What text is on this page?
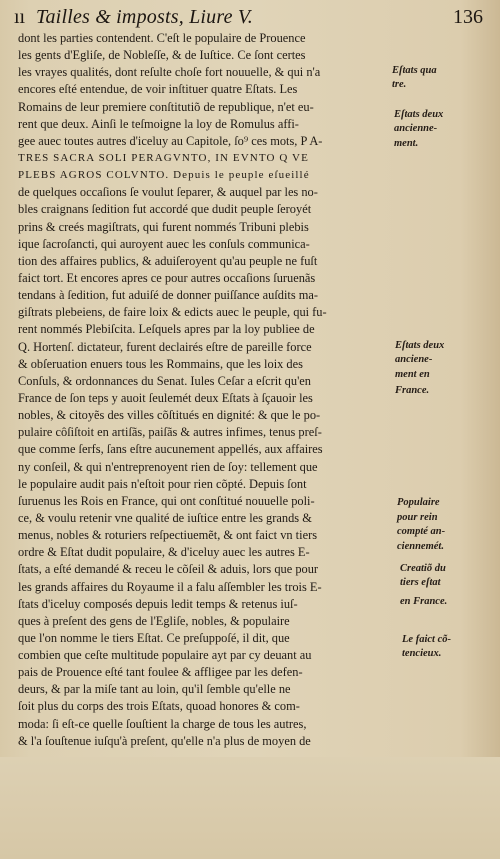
ıı Tailles & imposts, Liure V.	136
dont les parties contendent. C'eſt le populaire de Prouence
les gents d'Egliſe, de Nobleſſe, & de Iuſtice. Ce ſont certes
les vrayes qualités, dont reſulte choſe fort nouuelle, & qui n'a
encores eſté entendue, de voir inſtituer quatre Eſtats. Les
Romains de leur premiere conſtitutiõ de republique, n'et eu-
rent que deux. Ainſi le teſmoigne la loy de Romulus affi-
gee auec toutes autres d'iceluy au Capitole, ſo⁹ ces mots, P A-
TRES SACRA SOLI PERAGVNTO, IN EVNTO Q VE
PLEBS AGROS COLVNTO. Depuis le peuple eſueillé
de quelques occaſions ſe voulut ſeparer, & auquel par les no-
bles craignans ſedition fut accordé que dudit peuple ſeroyét
prins & creés magiſtrats, qui furent nommés Tribuni plebis
ique ſacroſancti, qui auroyent auec les conſuls communica-
tion des affaires publics, & aduiſeroyent qu'au peuple ne fuſt
faict tort. Et encores apres ce pour autres occaſions ſuruenãs
tendans à ſedition, fut aduiſé de donner puiſſance auſdits ma-
giſtrats plebeiens, de faire loix & edicts auec le peuple, qui fu-
rent nommés Plebiſcita. Leſquels apres par la loy publiee de
Q. Hortenſ. dictateur, furent declairés eſtre de pareille force
& obſeruation enuers tous les Rommains, que les loix des
Conſuls, & ordonnances du Senat. Iules Ceſar a eſcrit qu'en
France de ſon teps y auoit ſeulemét deux Eſtats à ſçauoir les
nobles, & citoyẽs des villes cõſtitués en dignité: & que le po-
pulaire côſiſtoit en artiſãs, paiſãs & autres infimes, tenus preſ-
que comme ſerfs, ſans eſtre aucunement appellés, aux affaires
ny conſeil, & qui n'entreprenoyent rien de ſoy: tellement que
le populaire audit pais n'eſtoit pour rien cõpté. Depuis ſont
ſuruenus les Rois en France, qui ont conſtitué nouuelle poli-
ce, & voulu retenir vne qualité de iuſtice entre les grands &
menus, nobles & roturiers reſpectiuemẽt, & ont faict vn tiers
ordre & Eſtat dudit populaire, & d'iceluy auec les autres E-
ſtats, a eſté demandé & receu le cõſeil & aduis, lors que pour
les grands affaires du Royaume il a falu aſſembler les trois E-
ſtats d'iceluy composés depuis ledit temps & retenus iuſ-
ques à preſent des gens de l'Egliſe, nobles, & populaire
que l'on nomme le tiers Eſtat. Ce preſuppoſé, il dit, que
combien que ceſte multitude populaire ayt par cy deuant au
pais de Prouence eſté tant foulee & affligee par les defen-
deurs, & par la miſe tant au loin, qu'il ſemble qu'elle ne
ſoit plus du corps des trois Eſtats, quoad honores & com-
moda: ſi eſt-ce quelle ſouſtient la charge de tous les autres,
& l'a ſouſtenue iuſqu'à preſent, qu'elle n'a plus de moyen de
Eſtats qua
tre.
Eſtats deux
ancienne-
ment.
Eſtats deux
anciene-
ment en
France.
Populaire
pour rein
compté an-
ciennemét.
Creatiõ du
tiers eſtat
en France.
Le faict cõ-
tencieux.
